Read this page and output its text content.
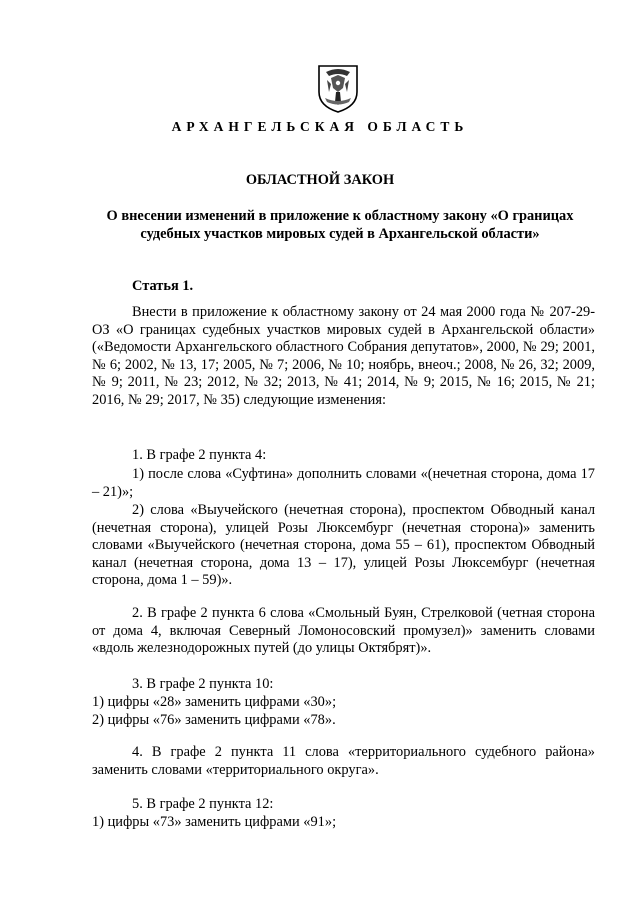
АРХАНГЕЛЬСКАЯ ОБЛАСТЬ
ОБЛАСТНОЙ ЗАКОН
О внесении изменений в приложение к областному закону «О границах судебных участков мировых судей в Архангельской области»
Статья 1.

Внести в приложение к областному закону от 24 мая 2000 года № 207-29-ОЗ «О границах судебных участков мировых судей в Архангельской области» («Ведомости Архангельского областного Собрания депутатов», 2000, № 29; 2001, № 6; 2002, № 13, 17; 2005, № 7; 2006, № 10; ноябрь, внеоч.; 2008, № 26, 32; 2009, № 9; 2011, № 23; 2012, № 32; 2013, № 41; 2014, № 9; 2015, № 16; 2015, № 21; 2016, № 29; 2017, № 35) следующие изменения:

1. В графе 2 пункта 4:

1) после слова «Суфтина» дополнить словами «(нечетная сторона, дома 17 – 21)»;

2) слова «Выучейского (нечетная сторона), проспектом Обводный канал (нечетная сторона), улицей Розы Люксембург (нечетная сторона)» заменить словами «Выучейского (нечетная сторона, дома 55 – 61), проспектом Обводный канал (нечетная сторона, дома 13 – 17), улицей Розы Люксембург (нечетная сторона, дома 1 – 59)».

2. В графе 2 пункта 6 слова «Смольный Буян, Стрелковой (четная сторона от дома 4, включая Северный Ломоносовский промузел)» заменить словами «вдоль железнодорожных путей (до улицы Октябрят)».

3. В графе 2 пункта 10:

1) цифры «28» заменить цифрами «30»;

2) цифры «76» заменить цифрами «78».

4. В графе 2 пункта 11 слова «территориального судебного района» заменить словами «территориального округа».

5. В графе 2 пункта 12:

1) цифры «73» заменить цифрами «91»;
